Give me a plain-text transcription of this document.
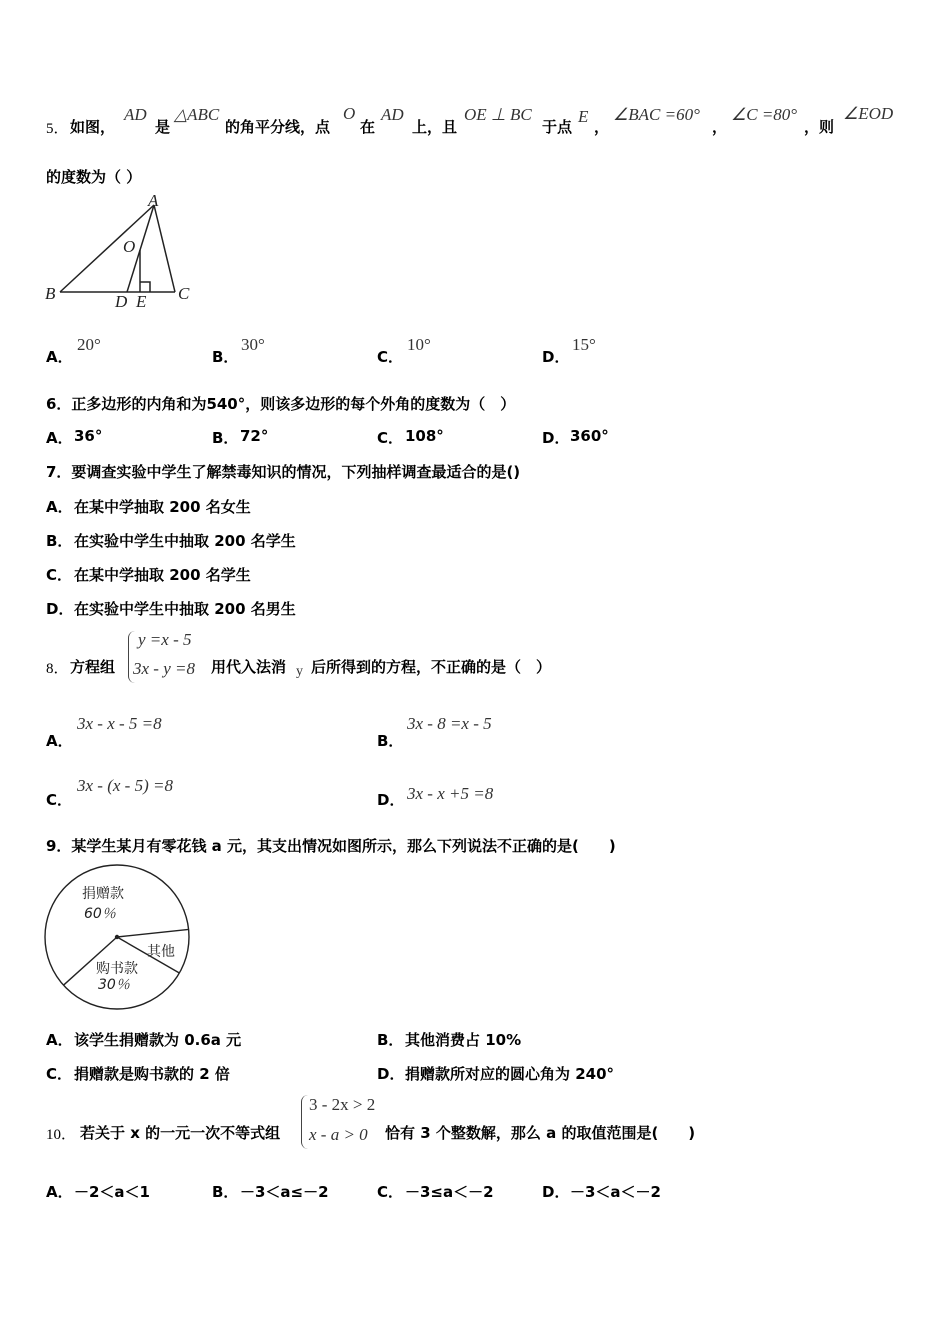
5． 如图，
AD
是
△ABC
的角平分线，点
O
在
AD
上，且
OE ⊥ BC
于点
E
，
∠BAC =60°
，
∠C =80°
，则
∠EOD
的度数为（ ）
A
O
B	D E C
A．
20°
B．
30°
C．
10°
D．
15°
6．正多边形的内角和为540°，则该多边形的每个外角的度数为（　）
A． 36°	B． 72°	C． 108°	D． 360°
7．要调查实验中学生了解禁毒知识的情况，下列抽样调查最适合的是()
A． 在某中学抽取 200 名女生
B． 在实验中学生中抽取 200 名学生
C． 在某中学抽取 200 名学生
D． 在实验中学生中抽取 200 名男生
8． 方程组
y =x - 5
3x - y =8 用代入法消 y 后所得到的方程，不正确的是（　）
A．
3x - x - 5 =8
B．
3x - 8 =x - 5
C．
3x - (x - 5) =8
D． 3x - x +5 =8
9．某学生某月有零花钱 a 元，其支出情况如图所示，那么下列说法不正确的是(　　)
捐赠款
60％
购书款
30％
其他
A． 该学生捐赠款为 0.6a 元	B． 其他消费占 10%
C． 捐赠款是购书款的 2 倍	D． 捐赠款所对应的圆心角为 240°
10． 若关于 x 的一元一次不等式组
3 - 2x > 2
x - a > 0 恰有 3 个整数解，那么 a 的取值范围是(　　)
A． －2＜a＜1	B． －3＜a≤－2	C． －3≤a＜－2	D． －3＜a＜－2
